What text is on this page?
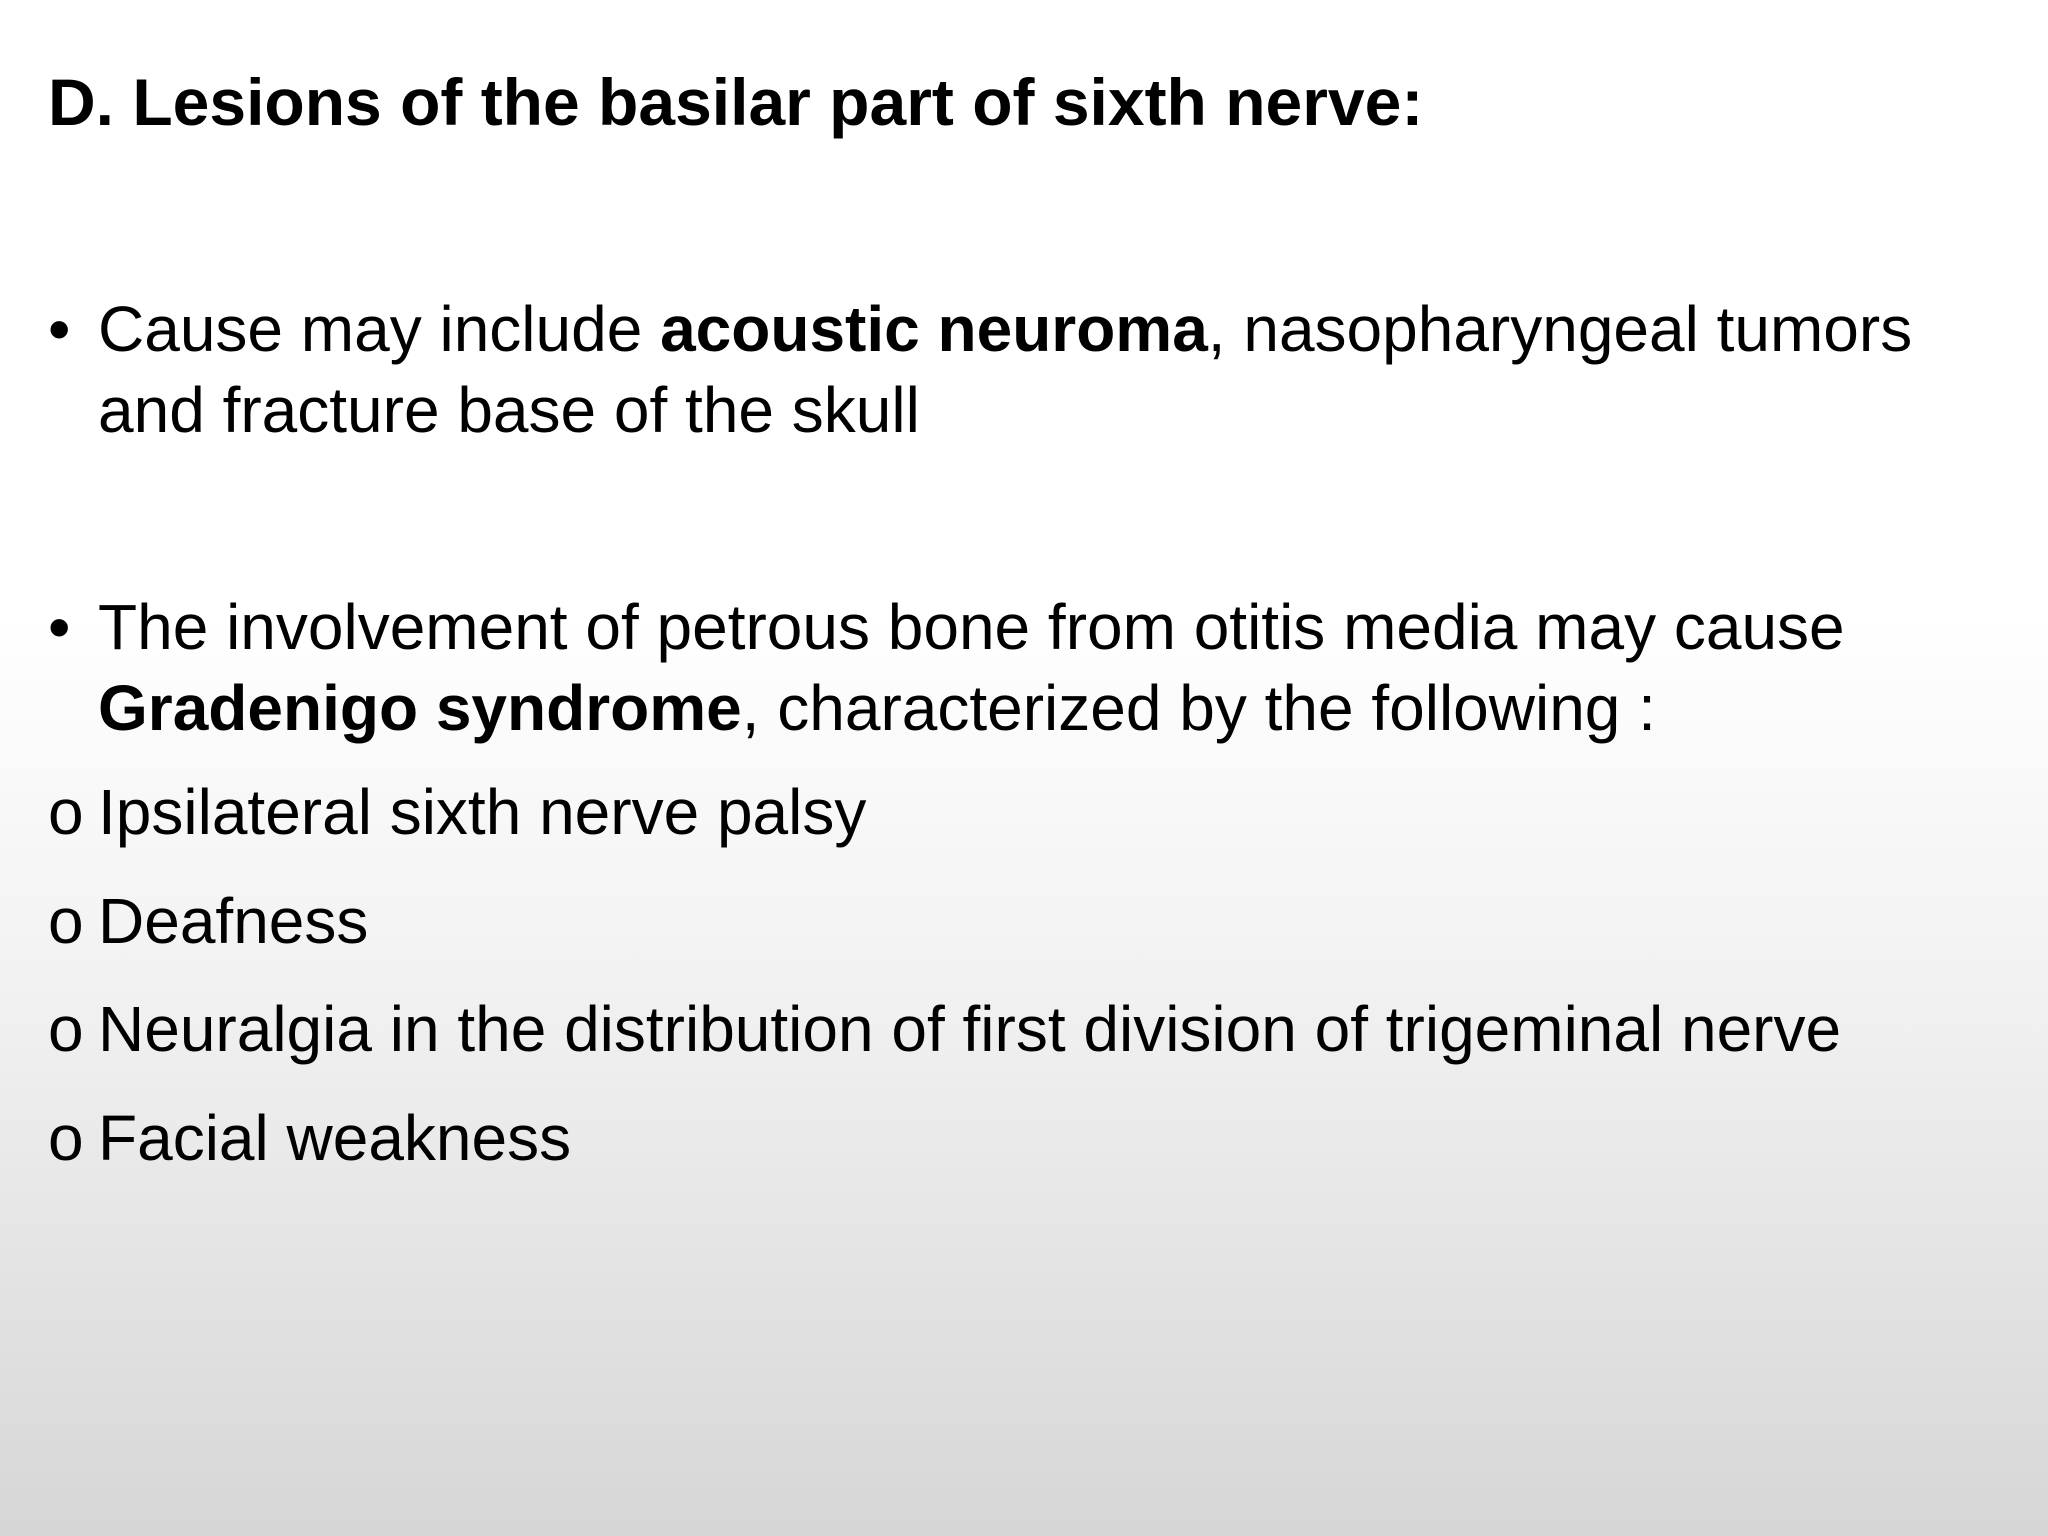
D. Lesions of the basilar part of sixth nerve:
• Cause may include acoustic neuroma, nasopharyngeal tumors and fracture base of the skull
• The involvement of petrous bone from otitis media may cause Gradenigo syndrome, characterized by the following :
o Ipsilateral sixth nerve palsy
o Deafness
o Neuralgia in the distribution of first division of trigeminal nerve
o Facial weakness
